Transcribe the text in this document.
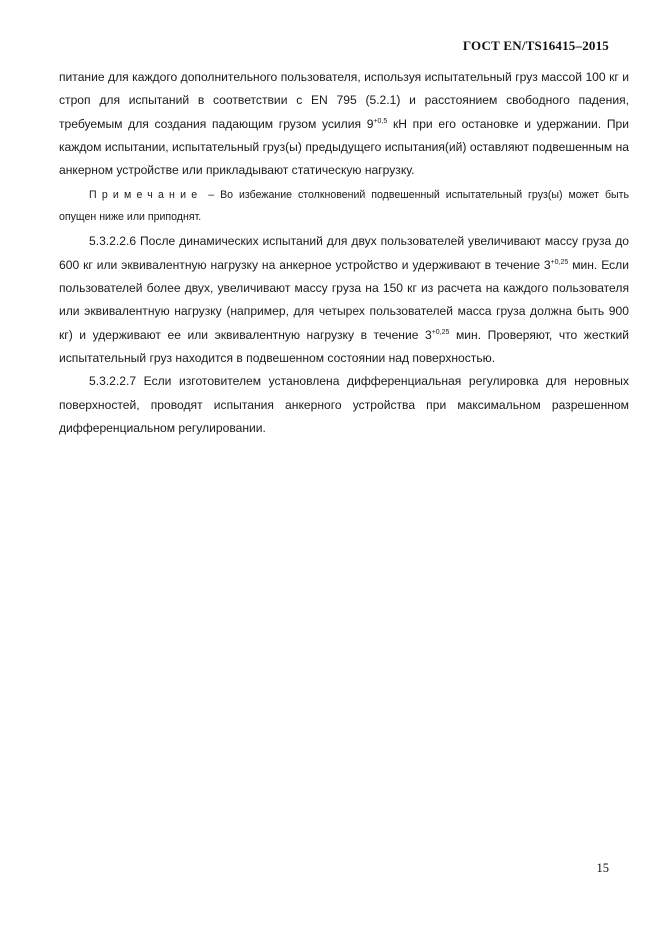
ГОСТ EN/TS16415–2015

питание для каждого дополнительного пользователя, используя испытательный груз массой 100 кг и строп для испытаний в соответствии с EN 795 (5.2.1) и расстоянием свободного падения, требуемым для создания падающим грузом усилия $9^{+0,5}$ кН при его остановке и удержании. При каждом испытании, испытательный груз(ы) предыдущего испытания(ий) оставляют подвешенным на анкерном устройстве или прикладывают статическую нагрузку.

Примечание – Во избежание столкновений подвешенный испытательный груз(ы) может быть опущен ниже или приподнят.

5.3.2.2.6 После динамических испытаний для двух пользователей увеличивают массу груза до 600 кг или эквивалентную нагрузку на анкерное устройство и удерживают в течение $3^{+0,25}$ мин. Если пользователей более двух, увеличивают массу груза на 150 кг из расчета на каждого пользователя или эквивалентную нагрузку (например, для четырех пользователей масса груза должна быть 900 кг) и удерживают ее или эквивалентную нагрузку в течение $3^{+0,25}$ мин. Проверяют, что жесткий испытательный груз находится в подвешенном состоянии над поверхностью.

5.3.2.2.7 Если изготовителем установлена дифференциальная регулировка для неровных поверхностей, проводят испытания анкерного устройства при максимальном разрешенном дифференциальном регулировании.

15
